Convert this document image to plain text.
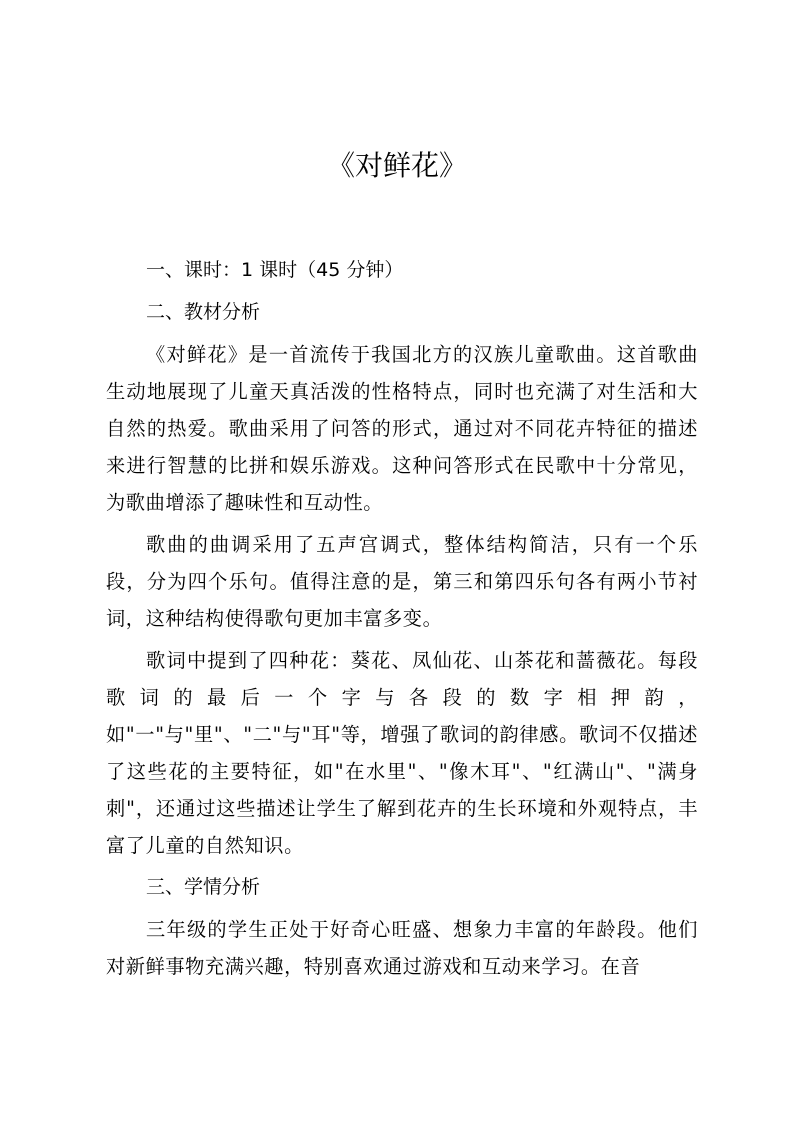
《对鲜花》
一、课时：1 课时（45 分钟）
二、教材分析

《对鲜花》是一首流传于我国北方的汉族儿童歌曲。这首歌曲生动地展现了儿童天真活泼的性格特点，同时也充满了对生活和大自然的热爱。歌曲采用了问答的形式，通过对不同花卉特征的描述来进行智慧的比拼和娱乐游戏。这种问答形式在民歌中十分常见，为歌曲增添了趣味性和互动性。

歌曲的曲调采用了五声宫调式，整体结构简洁，只有一个乐段，分为四个乐句。值得注意的是，第三和第四乐句各有两小节衬词，这种结构使得歌句更加丰富多变。

歌词中提到了四种花：葵花、凤仙花、山茶花和蔷薇花。每段歌词的最后一个字与各段的数字相押韵，如"一"与"里"、"二"与"耳"等，增强了歌词的韵律感。歌词不仅描述了这些花的主要特征，如"在水里"、"像木耳"、"红满山"、"满身刺"，还通过这些描述让学生了解到花卉的生长环境和外观特点，丰富了儿童的自然知识。

三、学情分析

三年级的学生正处于好奇心旺盛、想象力丰富的年龄段。他们对新鲜事物充满兴趣，特别喜欢通过游戏和互动来学习。在音
